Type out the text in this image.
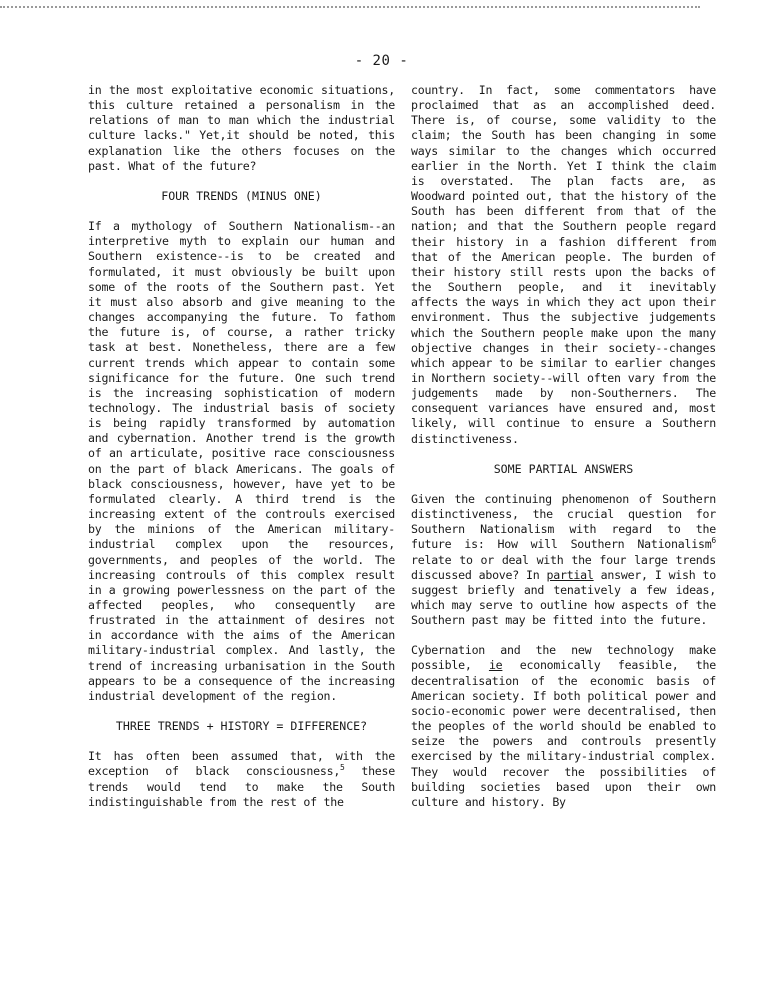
- 20 -

in the most exploitative economic situations, this culture retained a personalism in the relations of man to man which the industrial culture lacks." Yet,it should be noted, this explanation like the others focuses on the past. What of the future?

FOUR TRENDS (MINUS ONE)

If a mythology of Southern Nationalism--an interpretive myth to explain our human and Southern existence--is to be created and formulated, it must obviously be built upon some of the roots of the Southern past. Yet it must also absorb and give meaning to the changes accompanying the future. To fathom the future is, of course, a rather tricky task at best. Nonetheless, there are a few current trends which appear to contain some significance for the future. One such trend is the increasing sophistication of modern technology. The industrial basis of society is being rapidly transformed by automation and cybernation. Another trend is the growth of an articulate, positive race consciousness on the part of black Americans. The goals of black consciousness, however, have yet to be formulated clearly. A third trend is the increasing extent of the controuls exercised by the minions of the American military-industrial complex upon the resources, governments, and peoples of the world. The increasing controuls of this complex result in a growing powerlessness on the part of the affected peoples, who consequently are frustrated in the attainment of desires not in accordance with the aims of the American military-industrial complex. And lastly, the trend of increasing urbanisation in the South appears to be a consequence of the increasing industrial development of the region.

THREE TRENDS + HISTORY = DIFFERENCE?

It has often been assumed that, with the exception of black consciousness,$^5$ these trends would tend to make the South indistinguishable from the rest of the

country. In fact, some commentators have proclaimed that as an accomplished deed. There is, of course, some validity to the claim; the South has been changing in some ways similar to the changes which occurred earlier in the North. Yet I think the claim is overstated. The plan facts are, as Woodward pointed out, that the history of the South has been different from that of the nation; and that the Southern people regard their history in a fashion different from that of the American people. The burden of their history still rests upon the backs of the Southern people, and it inevitably affects the ways in which they act upon their environment. Thus the subjective judgements which the Southern people make upon the many objective changes in their society--changes which appear to be similar to earlier changes in Northern society--will often vary from the judgements made by non-Southerners. The consequent variances have ensured and, most likely, will continue to ensure a Southern distinctiveness.

SOME PARTIAL ANSWERS

Given the continuing phenomenon of Southern distinctiveness, the crucial question for Southern Nationalism with regard to the future is: How will Southern Nationalism$^6$ relate to or deal with the four large trends discussed above? In partial answer, I wish to suggest briefly and tenatively a few ideas, which may serve to outline how aspects of the Southern past may be fitted into the future.

Cybernation and the new technology make possible, ie economically feasible, the decentralisation of the economic basis of American society. If both political power and socio-economic power were decentralised, then the peoples of the world should be enabled to seize the powers and controuls presently exercised by the military-industrial complex. They would recover the possibilities of building societies based upon their own culture and history. By
